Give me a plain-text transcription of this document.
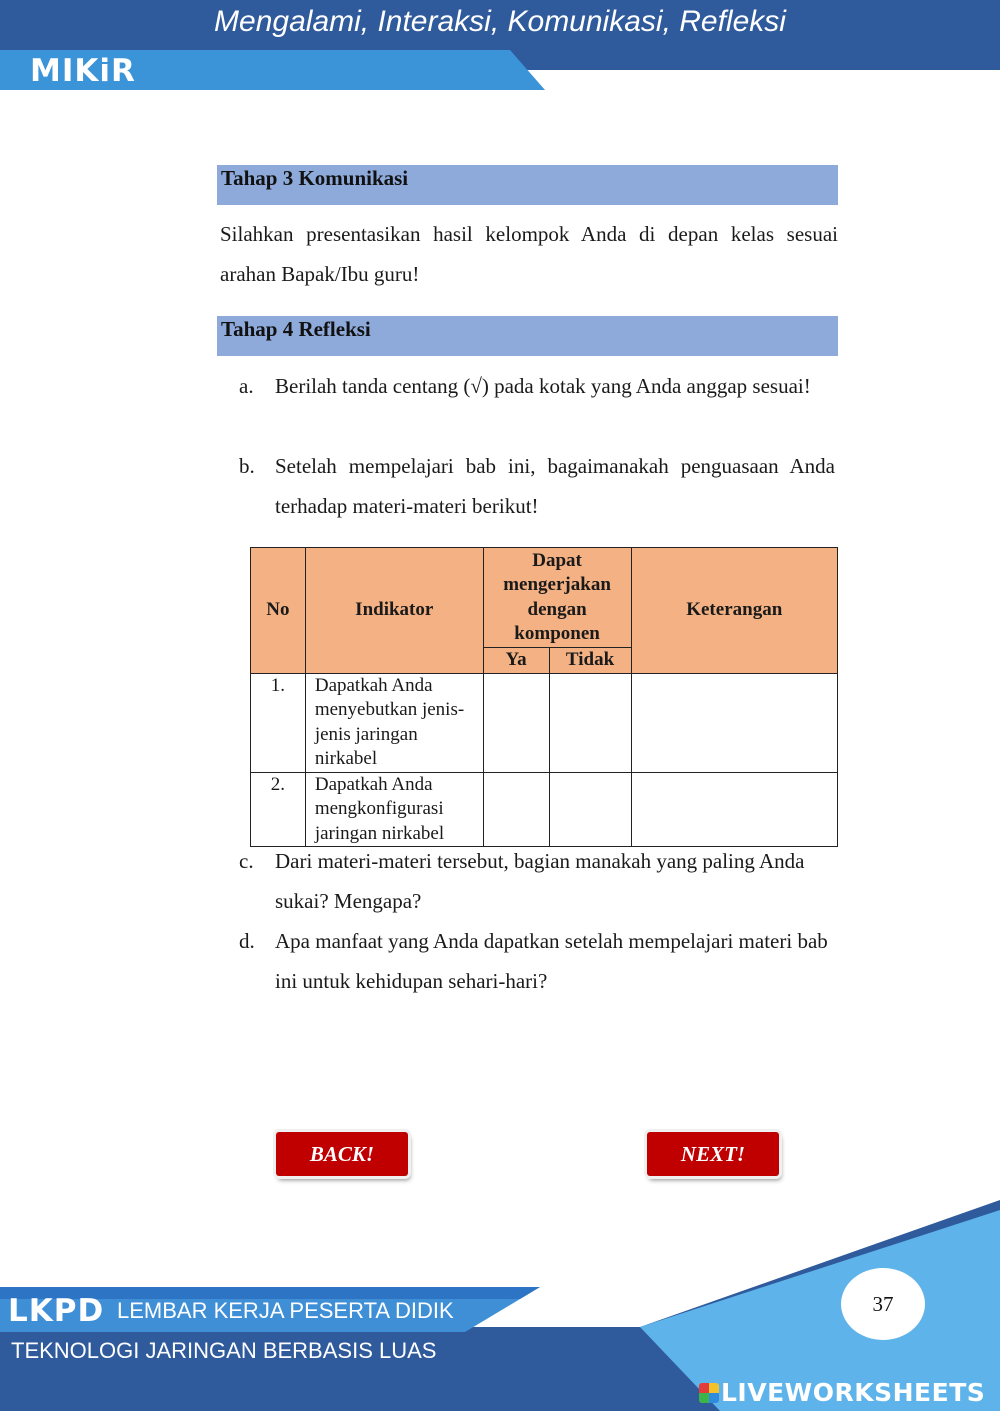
Mengalami, Interaksi, Komunikasi, Refleksi
MIKiR
Tahap 3 Komunikasi
Silahkan presentasikan hasil kelompok Anda di depan kelas sesuai arahan Bapak/Ibu guru!
Tahap 4 Refleksi
a. Berilah tanda centang (√) pada kotak yang Anda anggap sesuai!
b. Setelah mempelajari bab ini, bagaimanakah penguasaan Anda terhadap materi-materi berikut!
No	Indikator	Dapat mengerjakan dengan komponen		Keterangan
		Ya	Tidak	
1.	Dapatkah Anda menyebutkan jenis-jenis jaringan nirkabel			
2.	Dapatkah Anda mengkonfigurasi jaringan nirkabel			
c. Dari materi-materi tersebut, bagian manakah yang paling Anda sukai? Mengapa?
d. Apa manfaat yang Anda dapatkan setelah mempelajari materi bab ini untuk kehidupan sehari-hari?
BACK!	NEXT!
LKPD LEMBAR KERJA PESERTA DIDIK
TEKNOLOGI JARINGAN BERBASIS LUAS
37
LIVEWORKSHEETS
